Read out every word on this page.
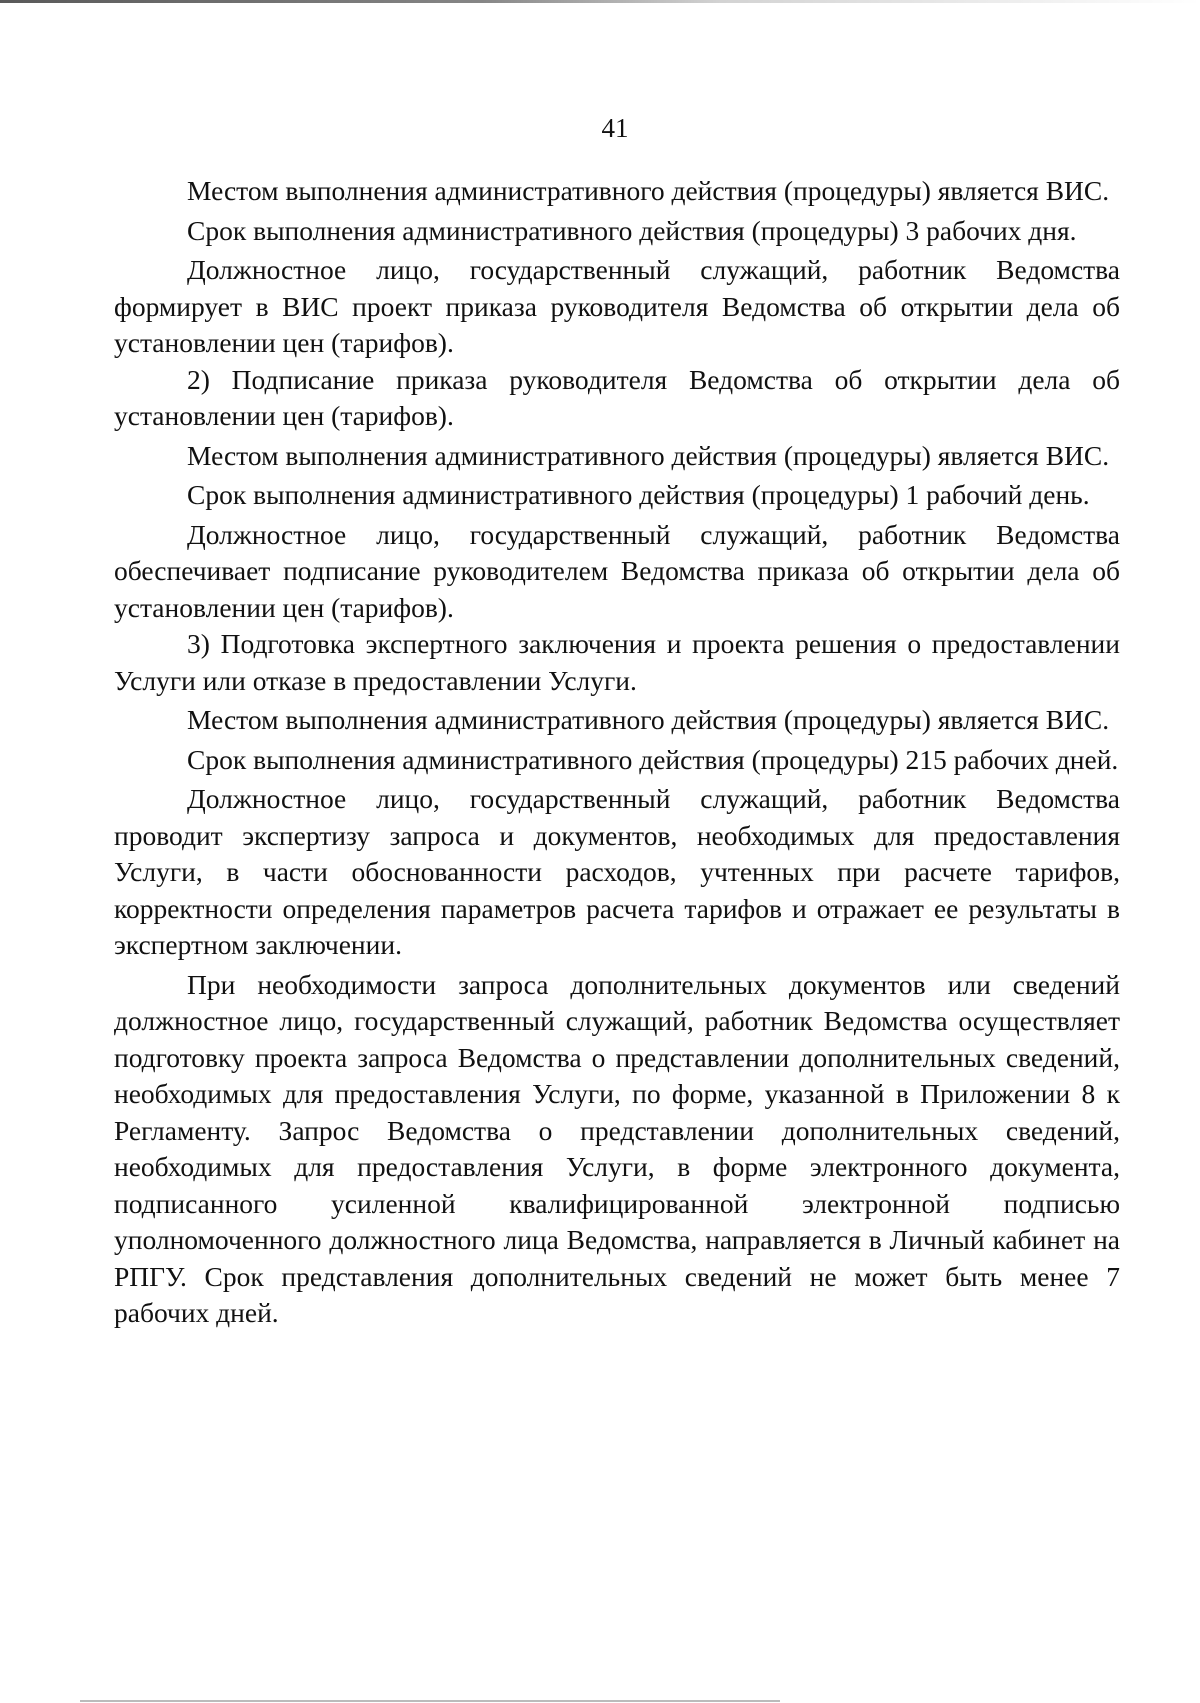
41

Местом выполнения административного действия (процедуры) является ВИС.

Срок выполнения административного действия (процедуры) 3 рабочих дня.

Должностное лицо, государственный служащий, работник Ведомства формирует в ВИС проект приказа руководителя Ведомства об открытии дела об установлении цен (тарифов).

2) Подписание приказа руководителя Ведомства об открытии дела об установлении цен (тарифов).

Местом выполнения административного действия (процедуры) является ВИС.

Срок выполнения административного действия (процедуры) 1 рабочий день.

Должностное лицо, государственный служащий, работник Ведомства обеспечивает подписание руководителем Ведомства приказа об открытии дела об установлении цен (тарифов).

3) Подготовка экспертного заключения и проекта решения о предоставлении Услуги или отказе в предоставлении Услуги.

Местом выполнения административного действия (процедуры) является ВИС.

Срок выполнения административного действия (процедуры) 215 рабочих дней.

Должностное лицо, государственный служащий, работник Ведомства проводит экспертизу запроса и документов, необходимых для предоставления Услуги, в части обоснованности расходов, учтенных при расчете тарифов, корректности определения параметров расчета тарифов и отражает ее результаты в экспертном заключении.

При необходимости запроса дополнительных документов или сведений должностное лицо, государственный служащий, работник Ведомства осуществляет подготовку проекта запроса Ведомства о представлении дополнительных сведений, необходимых для предоставления Услуги, по форме, указанной в Приложении 8 к Регламенту. Запрос Ведомства о представлении дополнительных сведений, необходимых для предоставления Услуги, в форме электронного документа, подписанного усиленной квалифицированной электронной подписью уполномоченного должностного лица Ведомства, направляется в Личный кабинет на РПГУ. Срок представления дополнительных сведений не может быть менее 7 рабочих дней.
